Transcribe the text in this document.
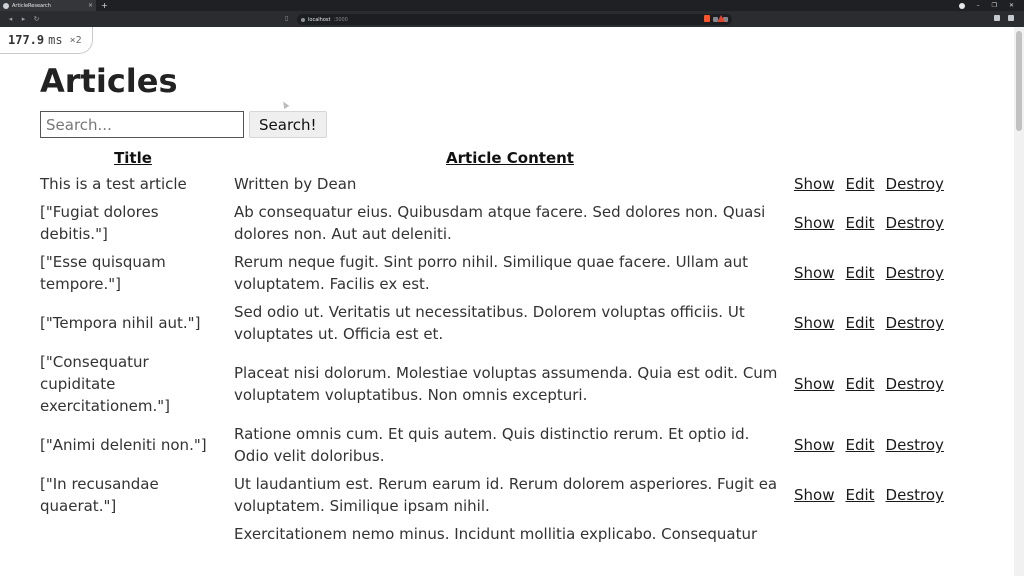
ArticleResearch	× +	– ❐ ✕
◂	▸	↻	▯	localhost :3000
177.9 ms ×2
Articles
Search...
Search!
Title	Article Content	
This is a test article	Written by Dean	Show Edit Destroy
["Fugiat dolores debitis."]	Ab consequatur eius. Quibusdam atque facere. Sed dolores non. Quasi dolores non. Aut aut deleniti.	Show Edit Destroy
["Esse quisquam tempore."]	Rerum neque fugit. Sint porro nihil. Similique quae facere. Ullam aut voluptatem. Facilis ex est.	Show Edit Destroy
["Tempora nihil aut."]	Sed odio ut. Veritatis ut necessitatibus. Dolorem voluptas officiis. Ut voluptates ut. Officia est et.	Show Edit Destroy
["Consequatur cupiditate exercitationem."]	Placeat nisi dolorum. Molestiae voluptas assumenda. Quia est odit. Cum voluptatem voluptatibus. Non omnis excepturi.	Show Edit Destroy
["Animi deleniti non."]	Ratione omnis cum. Et quis autem. Quis distinctio rerum. Et optio id. Odio velit doloribus.	Show Edit Destroy
["In recusandae quaerat."]	Ut laudantium est. Rerum earum id. Rerum dolorem asperiores. Fugit ea voluptatem. Similique ipsam nihil.	Show Edit Destroy
	Exercitationem nemo minus. Incidunt mollitia explicabo. Consequatur	
